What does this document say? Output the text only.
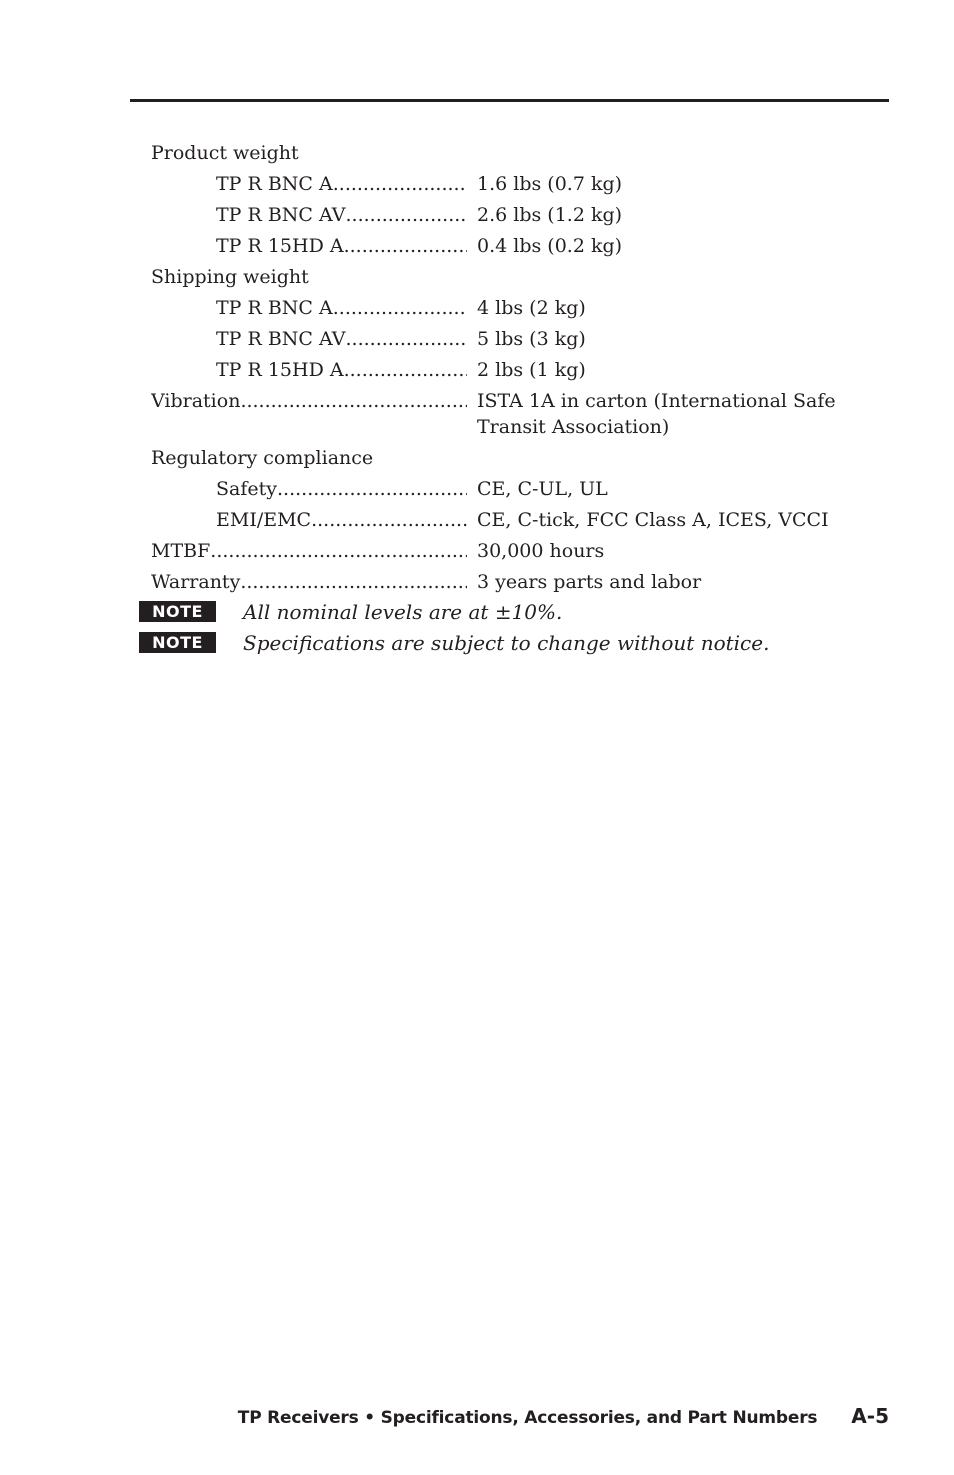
Product weight
TP R BNC A .....	1.6 lbs (0.7 kg)
TP R BNC AV .....	2.6 lbs (1.2 kg)
TP R 15HD A .....	0.4 lbs (0.2 kg)
Shipping weight
TP R BNC A .....	4 lbs (2 kg)
TP R BNC AV .....	5 lbs (3 kg)
TP R 15HD A .....	2 lbs (1 kg)
Vibration .....	ISTA 1A in carton (International Safe Transit Association)
Regulatory compliance
Safety .....	CE, C-UL, UL
EMI/EMC .....	CE, C-tick, FCC Class A, ICES, VCCI
MTBF .....	30,000 hours
Warranty .....	3 years parts and labor
NOTE	All nominal levels are at ±10%.
NOTE	Specifications are subject to change without notice.
TP Receivers • Specifications, Accessories, and Part Numbers	A-5
